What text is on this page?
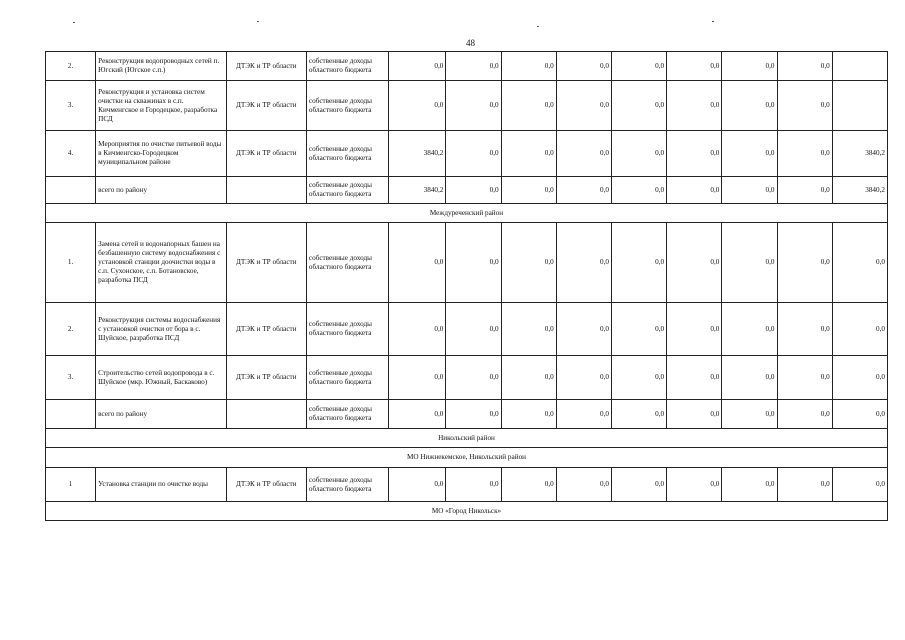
48
2.	Реконструкция водопроводных сетей п. Югский (Югское с.п.)	ДТЭК и ТР области	собственные доходы областного бюджета	0,0	0,0	0,0	0,0	0,0	0,0	0,0	0,0	
3.	Реконструкция и установка систем очистки на скважинах в с.п. Кичменгское и Городецкое, разработка ПСД	ДТЭК и ТР области	собственные доходы областного бюджета	0,0	0,0	0,0	0,0	0,0	0,0	0,0	0,0	
4.	Мероприятия по очистке питьевой воды в Кичменгско-Городецком муниципальном районе	ДТЭК и ТР области	собственные доходы областного бюджета	3840,2	0,0	0,0	0,0	0,0	0,0	0,0	0,0	3840,2
	всего по району		собственные доходы областного бюджета	3840,2	0,0	0,0	0,0	0,0	0,0	0,0	0,0	3840,2
Междуреченский район												
1.	Замена сетей и водонапорных башен на безбашенную систему водоснабжения с установкой станции доочистки воды в с.п. Сухонское, с.п. Ботановское, разработка ПСД	ДТЭК и ТР области	собственные доходы областного бюджета	0,0	0,0	0,0	0,0	0,0	0,0	0,0	0,0	0,0
2.	Реконструкция системы водоснабжения с установкой очистки от бора в с. Шуйское, разработка ПСД	ДТЭК и ТР области	собственные доходы областного бюджета	0,0	0,0	0,0	0,0	0,0	0,0	0,0	0,0	0,0
3.	Строительство сетей водопровода в с. Шуйское (мкр. Южный, Баскаково)	ДТЭК и ТР области	собственные доходы областного бюджета	0,0	0,0	0,0	0,0	0,0	0,0	0,0	0,0	0,0
	всего по району		собственные доходы областного бюджета	0,0	0,0	0,0	0,0	0,0	0,0	0,0	0,0	0,0
Никольский район												
МО Нижнекемское, Никольский район												
1	Установка станции по очистке воды	ДТЭК и ТР области	собственные доходы областного бюджета	0,0	0,0	0,0	0,0	0,0	0,0	0,0	0,0	0,0
МО «Город Никольск»												
